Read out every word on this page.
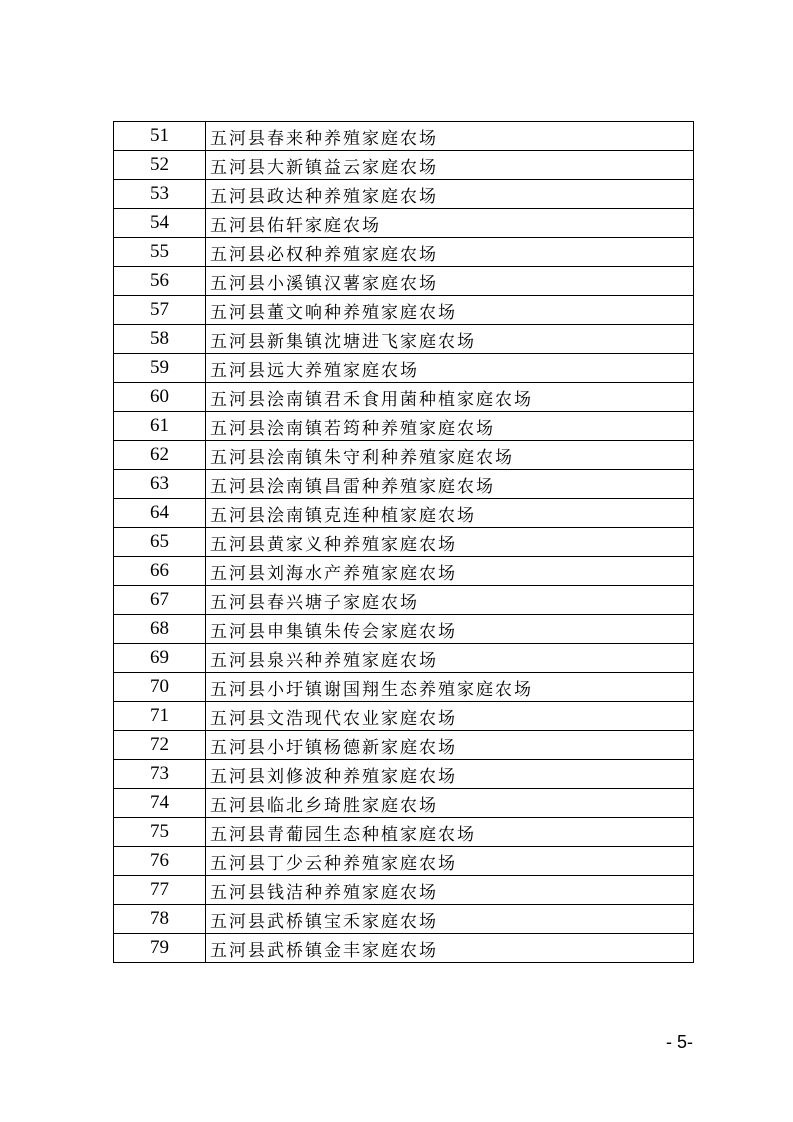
51	五河县春来种养殖家庭农场
52	五河县大新镇益云家庭农场
53	五河县政达种养殖家庭农场
54	五河县佑轩家庭农场
55	五河县必权种养殖家庭农场
56	五河县小溪镇汉薯家庭农场
57	五河县董文响种养殖家庭农场
58	五河县新集镇沈塘进飞家庭农场
59	五河县远大养殖家庭农场
60	五河县浍南镇君禾食用菌种植家庭农场
61	五河县浍南镇若筠种养殖家庭农场
62	五河县浍南镇朱守利种养殖家庭农场
63	五河县浍南镇昌雷种养殖家庭农场
64	五河县浍南镇克连种植家庭农场
65	五河县黄家义种养殖家庭农场
66	五河县刘海水产养殖家庭农场
67	五河县春兴塘子家庭农场
68	五河县申集镇朱传会家庭农场
69	五河县泉兴种养殖家庭农场
70	五河县小圩镇谢国翔生态养殖家庭农场
71	五河县文浩现代农业家庭农场
72	五河县小圩镇杨德新家庭农场
73	五河县刘修波种养殖家庭农场
74	五河县临北乡琦胜家庭农场
75	五河县青葡园生态种植家庭农场
76	五河县丁少云种养殖家庭农场
77	五河县钱洁种养殖家庭农场
78	五河县武桥镇宝禾家庭农场
79	五河县武桥镇金丰家庭农场
- 5-
